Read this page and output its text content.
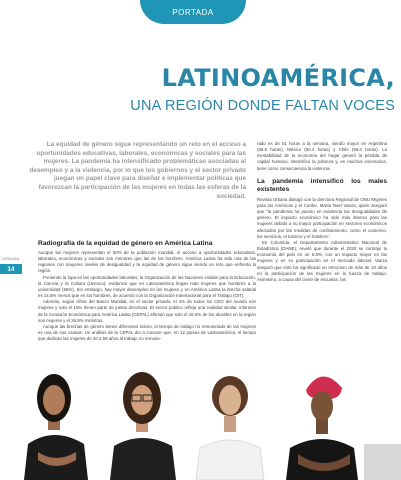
PORTADA
LATINOAMÉRICA,
UNA REGIÓN DONDE FALTAN VOCES
La equidad de género sigue representando un reto en el acceso a oportunidades educativas, laborales, económicas y sociales para las mujeres. La pandemia ha intensificado problemáticas asociadas al desempleo y a la violencia, por lo que los gobiernos y el sector privado juegan un papel clave para diseñar e implementar políticas que favorezcan la participación de las mujeres en todas las esferas de la sociedad.

rado es de 51 horas a la semana, siendo mayor en Argentina (59.6 horas), México (56.4 horas) y Chile (56.0 horas). La inestabilidad de la economía del hogar generó la pérdida de capital humano, intensificó la pobreza y, en muchos escenarios, tiene como consecuencia la violencia.

La pandemia intensificó los males existentes

Revista Urbana dialogó con la directora Regional de ONU Mujeres para las Américas y el Caribe, María Noel Vaeza, quien aseguró que “la pandemia ha puesto en evidencia las desigualdades de género. El impacto económico ha sido más intenso para las mujeres debido a su mayor participación en sectores económicos afectados por las medidas de confinamiento, como el comercio, los servicios, el turismo y el hotelero”.

En Colombia, el Departamento Administrativo Nacional de Estadística (DANE), reveló que durante el 2020 se contrajo la economía del país en un 6.8%, con un impacto mayor en las mujeres y en su participación en el mercado laboral. Vaeza aseguró que esto ha significado un retroceso de más de 10 años en la participación de las mujeres en la fuerza de trabajo. Asimismo, a causa del cierre de escuelas, las

Radiografía de la equidad de género en América Latina

Aunque las mujeres representan el 50% de la población mundial, el acceso a oportunidades educativas, laborales, económicas y sociales son menores que las de los hombres. América Latina ha sido una de las regiones con mayores niveles de desigualdad y la equidad de género sigue siendo un reto que enfrenta la región.

Poniendo la lupa en las oportunidades laborales, la Organización de las Naciones Unidas para la Educación, la Ciencia y la Cultura (Unesco), evidenció que en Latinoamérica llegan más mujeres que hombres a la universidad (55%). Sin embargo, hay mayor desempleo en las mujeres y en América Latina la brecha salarial es 14.5% menos que en los hombres, de acuerdo con la Organización Internacional para el Trabajo (OIT).

Además, según cifras del Banco Mundial, en el sector privado, el 4% de todos los CEO del mundo son mujeres y solo el 16% tienen parte de juntas directivas. El sector público refleja una realidad similar, informes de la Comisión Económica para América Latina (CEPAL) afirman que solo el 15.5% de los alcaldes en la región son mujeres y el 26.9% ministras.

Aunque las brechas de género tienen diferentes raíces, el tiempo de trabajo no remunerado de las mujeres es una de sus causas. Un análisis de la CEPAL dio a conocer que, en 12 países de Latinoamérica, el tiempo que dedican las mujeres de 20 a 59 años al trabajo no remune-

URBANA
14
